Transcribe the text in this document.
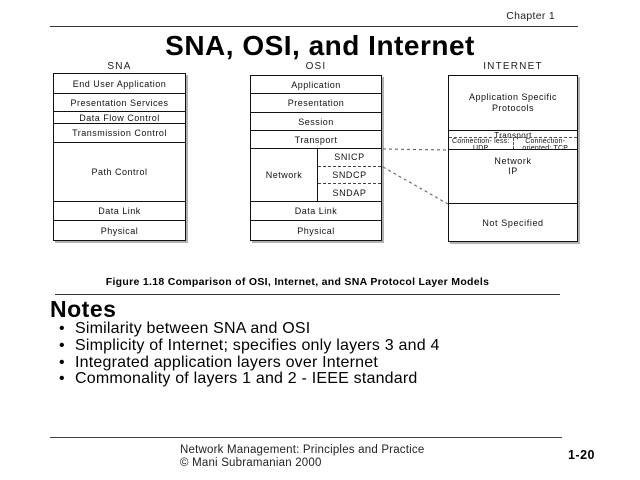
Chapter 1
SNA, OSI, and Internet
SNA	OSI	INTERNET
End User Application
Presentation Services
Data Flow Control
Transmission Control
Path Control
Data Link
Physical
Application
Presentation
Session
Transport
Network
SNICP
SNDCP
SNDAP
Data Link
Physical
Application Specific Protocols
Transport
Connection- less: UDP
Connection- oriented: TCP
Network
IP
Not Specified
Figure 1.18 Comparison of OSI, Internet, and SNA Protocol Layer Models
Notes
• Similarity between SNA and OSI
• Simplicity of Internet; specifies only layers 3 and 4
• Integrated application layers over Internet
• Commonality of layers 1 and 2 - IEEE standard
Network Management: Principles and Practice
© Mani Subramanian 2000
1-20
